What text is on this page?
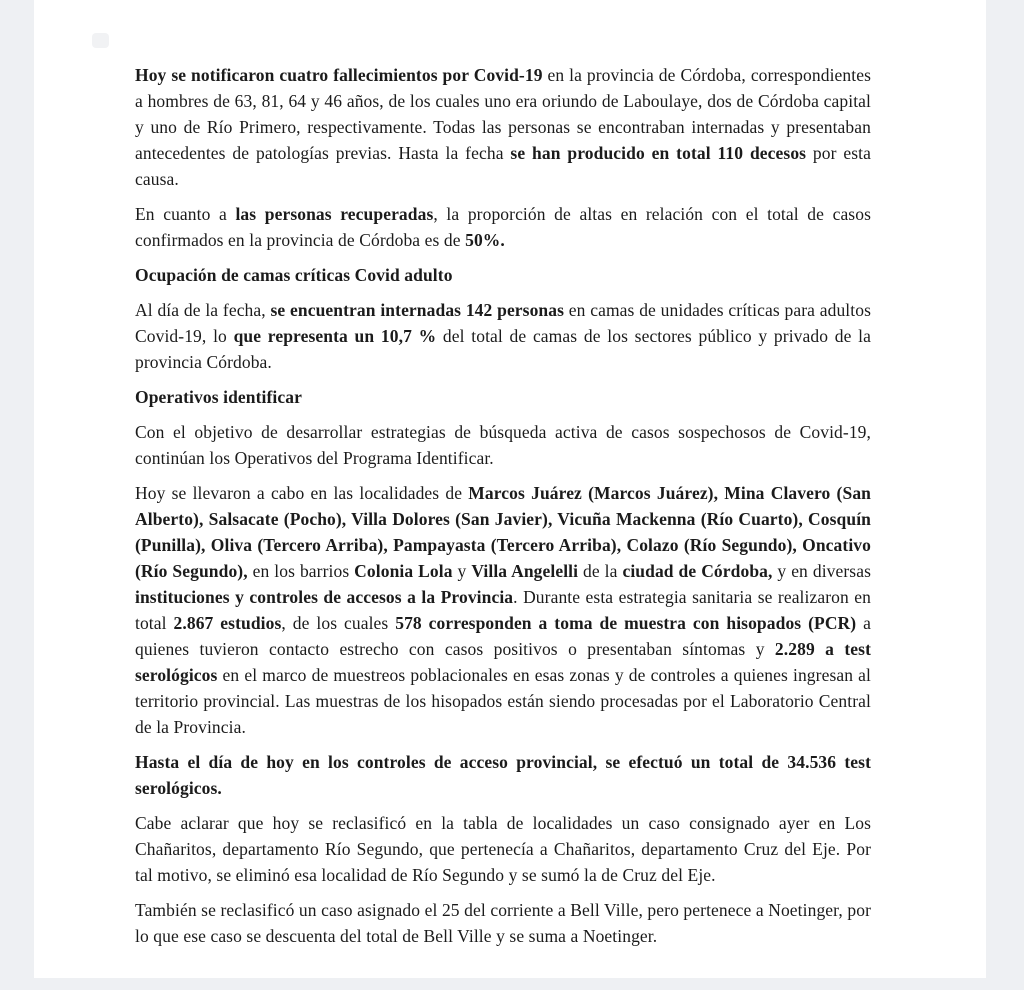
Hoy se notificaron cuatro fallecimientos por Covid-19 en la provincia de Córdoba, correspondientes a hombres de 63, 81, 64 y 46 años, de los cuales uno era oriundo de Laboulaye, dos de Córdoba capital y uno de Río Primero, respectivamente. Todas las personas se encontraban internadas y presentaban antecedentes de patologías previas. Hasta la fecha se han producido en total 110 decesos por esta causa.

En cuanto a las personas recuperadas, la proporción de altas en relación con el total de casos confirmados en la provincia de Córdoba es de 50%.

Ocupación de camas críticas Covid adulto

Al día de la fecha, se encuentran internadas 142 personas en camas de unidades críticas para adultos Covid-19, lo que representa un 10,7 % del total de camas de los sectores público y privado de la provincia Córdoba.

Operativos identificar

Con el objetivo de desarrollar estrategias de búsqueda activa de casos sospechosos de Covid-19, continúan los Operativos del Programa Identificar.

Hoy se llevaron a cabo en las localidades de Marcos Juárez (Marcos Juárez), Mina Clavero (San Alberto), Salsacate (Pocho), Villa Dolores (San Javier), Vicuña Mackenna (Río Cuarto), Cosquín (Punilla), Oliva (Tercero Arriba), Pampayasta (Tercero Arriba), Colazo (Río Segundo), Oncativo (Río Segundo), en los barrios Colonia Lola y Villa Angelelli de la ciudad de Córdoba, y en diversas instituciones y controles de accesos a la Provincia. Durante esta estrategia sanitaria se realizaron en total 2.867 estudios, de los cuales 578 corresponden a toma de muestra con hisopados (PCR) a quienes tuvieron contacto estrecho con casos positivos o presentaban síntomas y 2.289 a test serológicos en el marco de muestreos poblacionales en esas zonas y de controles a quienes ingresan al territorio provincial. Las muestras de los hisopados están siendo procesadas por el Laboratorio Central de la Provincia.

Hasta el día de hoy en los controles de acceso provincial, se efectuó un total de 34.536 test serológicos.

Cabe aclarar que hoy se reclasificó en la tabla de localidades un caso consignado ayer en Los Chañaritos, departamento Río Segundo, que pertenecía a Chañaritos, departamento Cruz del Eje. Por tal motivo, se eliminó esa localidad de Río Segundo y se sumó la de Cruz del Eje.

También se reclasificó un caso asignado el 25 del corriente a Bell Ville, pero pertenece a Noetinger, por lo que ese caso se descuenta del total de Bell Ville y se suma a Noetinger.
